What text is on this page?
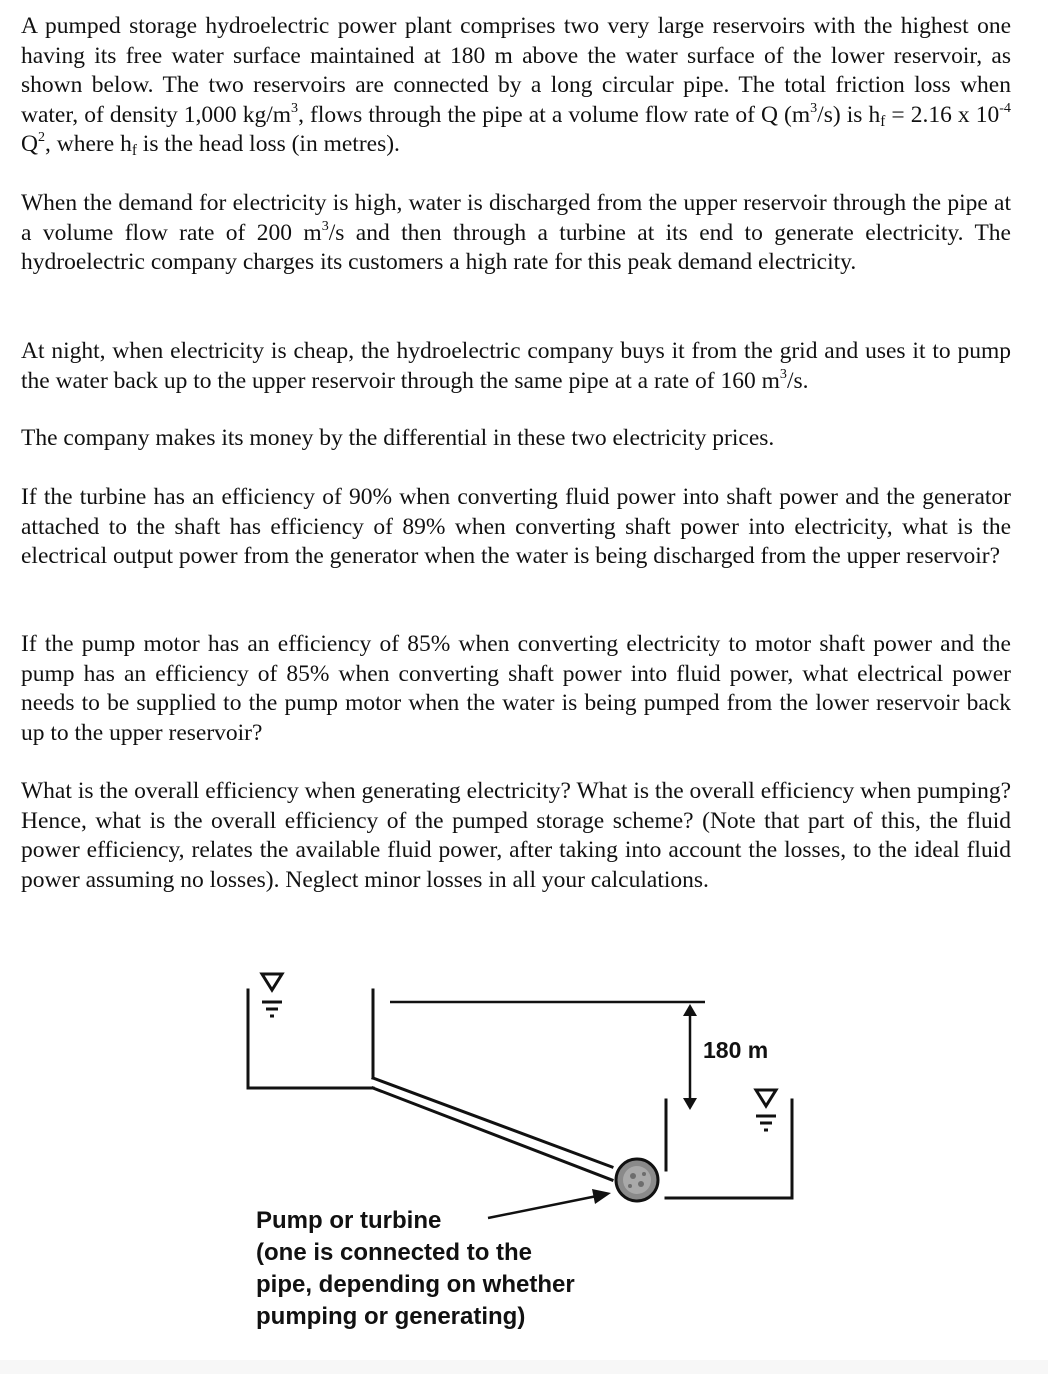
A pumped storage hydroelectric power plant comprises two very large reservoirs with the highest one having its free water surface maintained at 180 m above the water surface of the lower reservoir, as shown below. The two reservoirs are connected by a long circular pipe. The total friction loss when water, of density 1,000 $kg/m^3$, flows through the pipe at a volume flow rate of Q $(m^3/s)$ is $h_f = 2.16$ x $10^{-4}$ $Q^2$, where $h_f$ is the head loss (in metres).

When the demand for electricity is high, water is discharged from the upper reservoir through the pipe at a volume flow rate of 200 $m^3/s$ and then through a turbine at its end to generate electricity. The hydroelectric company charges its customers a high rate for this peak demand electricity.

At night, when electricity is cheap, the hydroelectric company buys it from the grid and uses it to pump the water back up to the upper reservoir through the same pipe at a rate of 160 $m^3/s$.

The company makes its money by the differential in these two electricity prices.

If the turbine has an efficiency of 90% when converting fluid power into shaft power and the generator attached to the shaft has efficiency of 89% when converting shaft power into electricity, what is the electrical output power from the generator when the water is being discharged from the upper reservoir?

If the pump motor has an efficiency of 85% when converting electricity to motor shaft power and the pump has an efficiency of 85% when converting shaft power into fluid power, what electrical power needs to be supplied to the pump motor when the water is being pumped from the lower reservoir back up to the upper reservoir?

What is the overall efficiency when generating electricity? What is the overall efficiency when pumping? Hence, what is the overall efficiency of the pumped storage scheme? (Note that part of this, the fluid power efficiency, relates the available fluid power, after taking into account the losses, to the ideal fluid power assuming no losses). Neglect minor losses in all your calculations.

180 m
Pump or turbine
(one is connected to the
pipe, depending on whether
pumping or generating)
